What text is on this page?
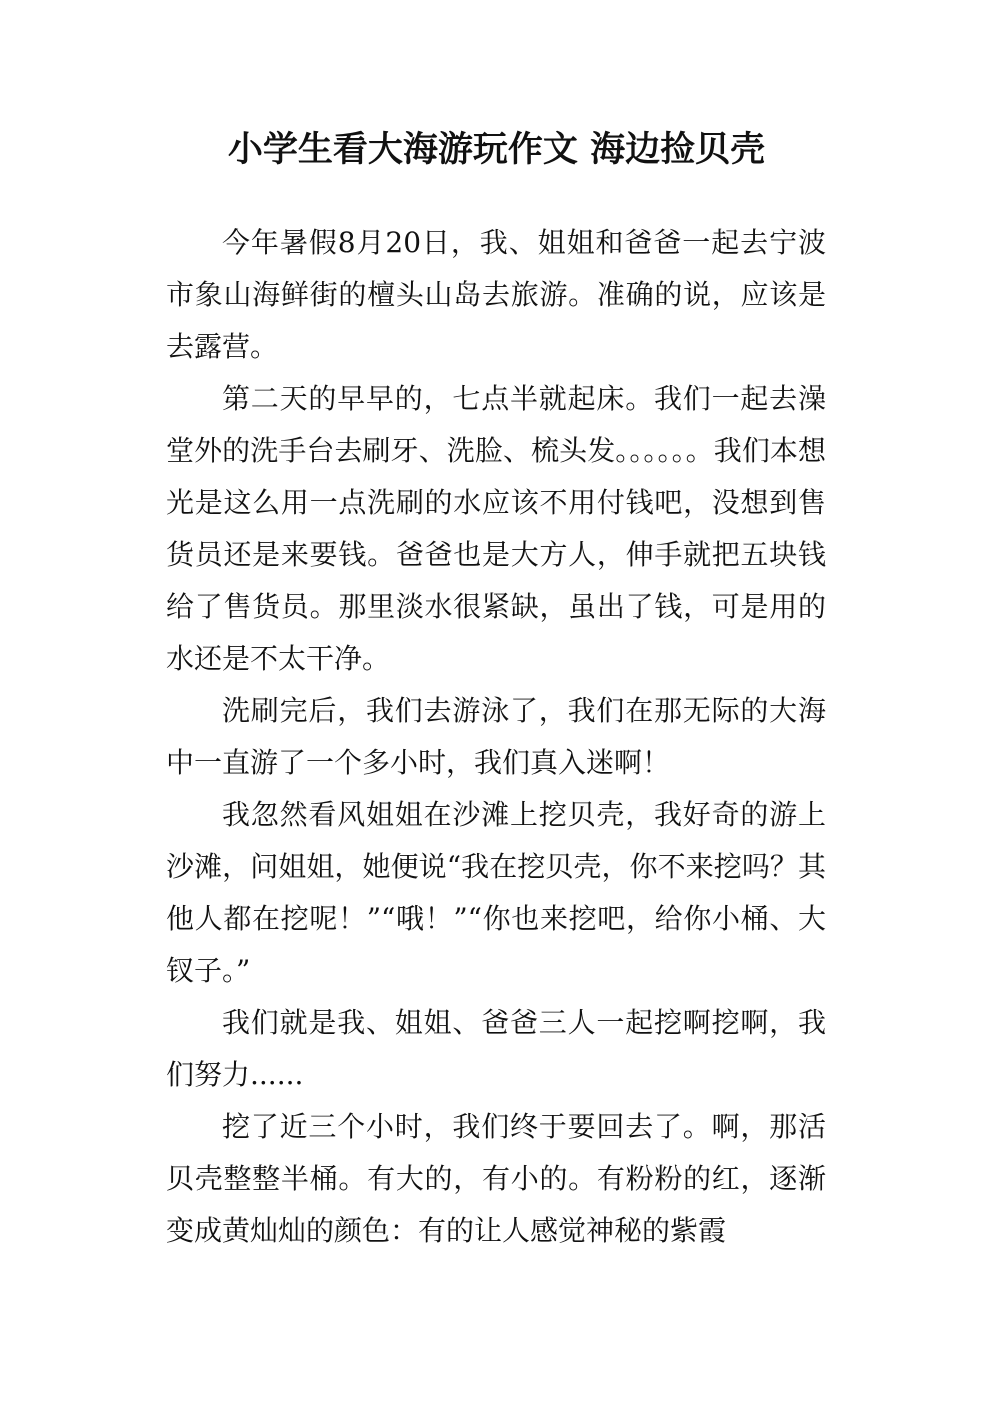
小学生看大海游玩作文 海边捡贝壳

今年暑假8月20日，我、姐姐和爸爸一起去宁波市象山海鲜街的檀头山岛去旅游。准确的说，应该是去露营。

第二天的早早的，七点半就起床。我们一起去澡堂外的洗手台去刷牙、洗脸、梳头发。。。。。。我们本想光是这么用一点洗刷的水应该不用付钱吧，没想到售货员还是来要钱。爸爸也是大方人，伸手就把五块钱给了售货员。那里淡水很紧缺，虽出了钱，可是用的水还是不太干净。

洗刷完后，我们去游泳了，我们在那无际的大海中一直游了一个多小时，我们真入迷啊！

我忽然看风姐姐在沙滩上挖贝壳，我好奇的游上沙滩，问姐姐，她便说“我在挖贝壳，你不来挖吗？其他人都在挖呢！”“哦！”“你也来挖吧，给你小桶、大钗子。”

我们就是我、姐姐、爸爸三人一起挖啊挖啊，我们努力......

挖了近三个小时，我们终于要回去了。啊，那活贝壳整整半桶。有大的，有小的。有粉粉的红，逐渐变成黄灿灿的颜色：有的让人感觉神秘的紫霞
